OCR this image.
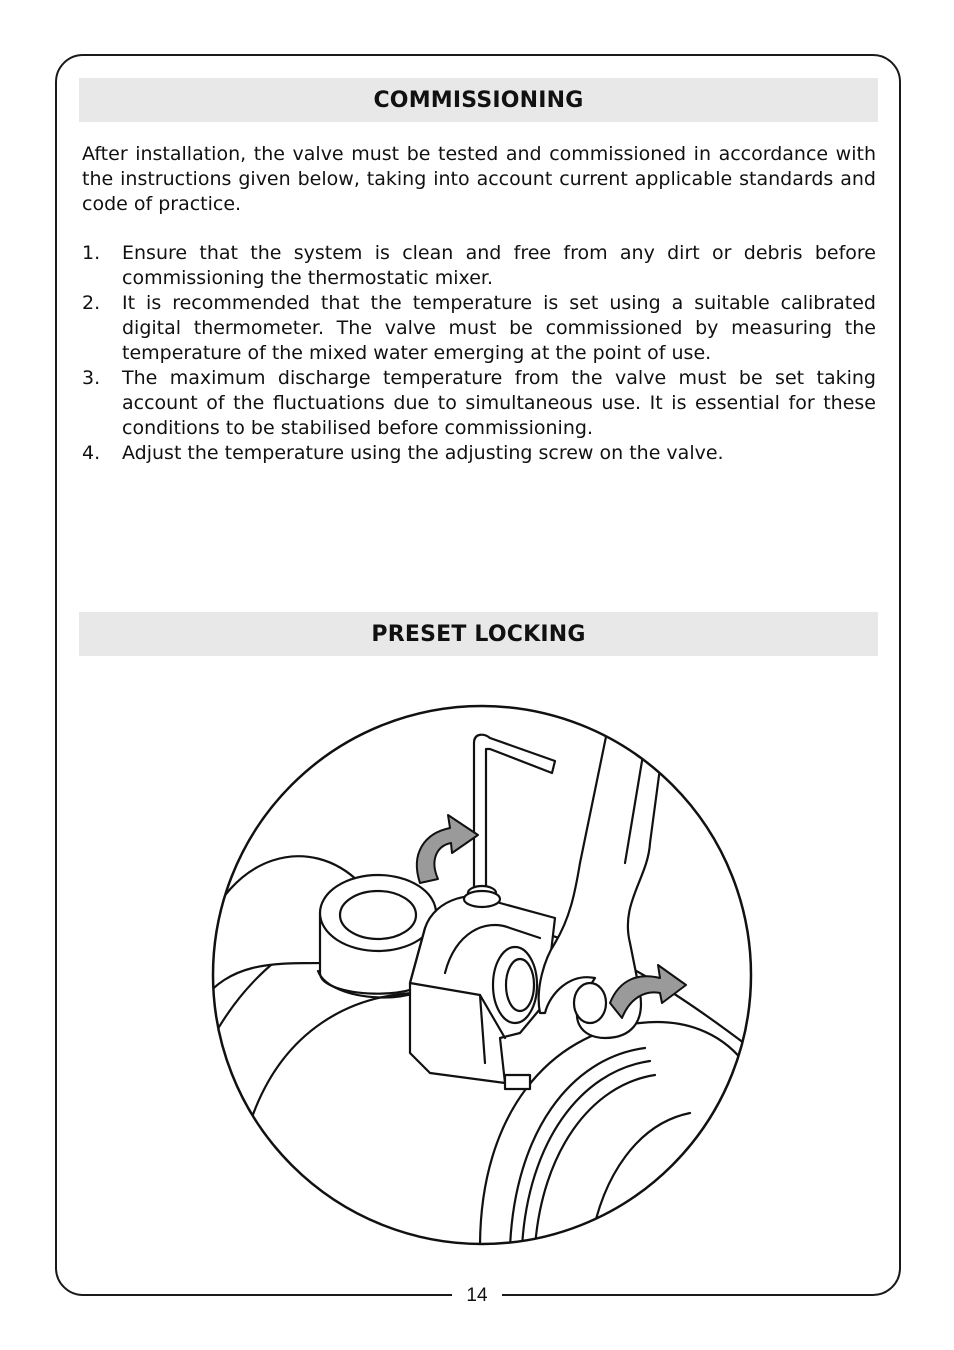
COMMISSIONING

After installation, the valve must be tested and commissioned in accordance with the instructions given below, taking into account current applicable standards and code of practice.

1.	Ensure that the system is clean and free from any dirt or debris before commissioning the thermostatic mixer.
2.	It is recommended that the temperature is set using a suitable calibrated digital thermometer. The valve must be commissioned by measuring the temperature of the mixed water emerging at the point of use.
3.	The maximum discharge temperature from the valve must be set taking account of the fluctuations due to simultaneous use. It is essential for these conditions to be stabilised before commissioning.
4.	Adjust the temperature using the adjusting screw on the valve.
PRESET LOCKING
14
